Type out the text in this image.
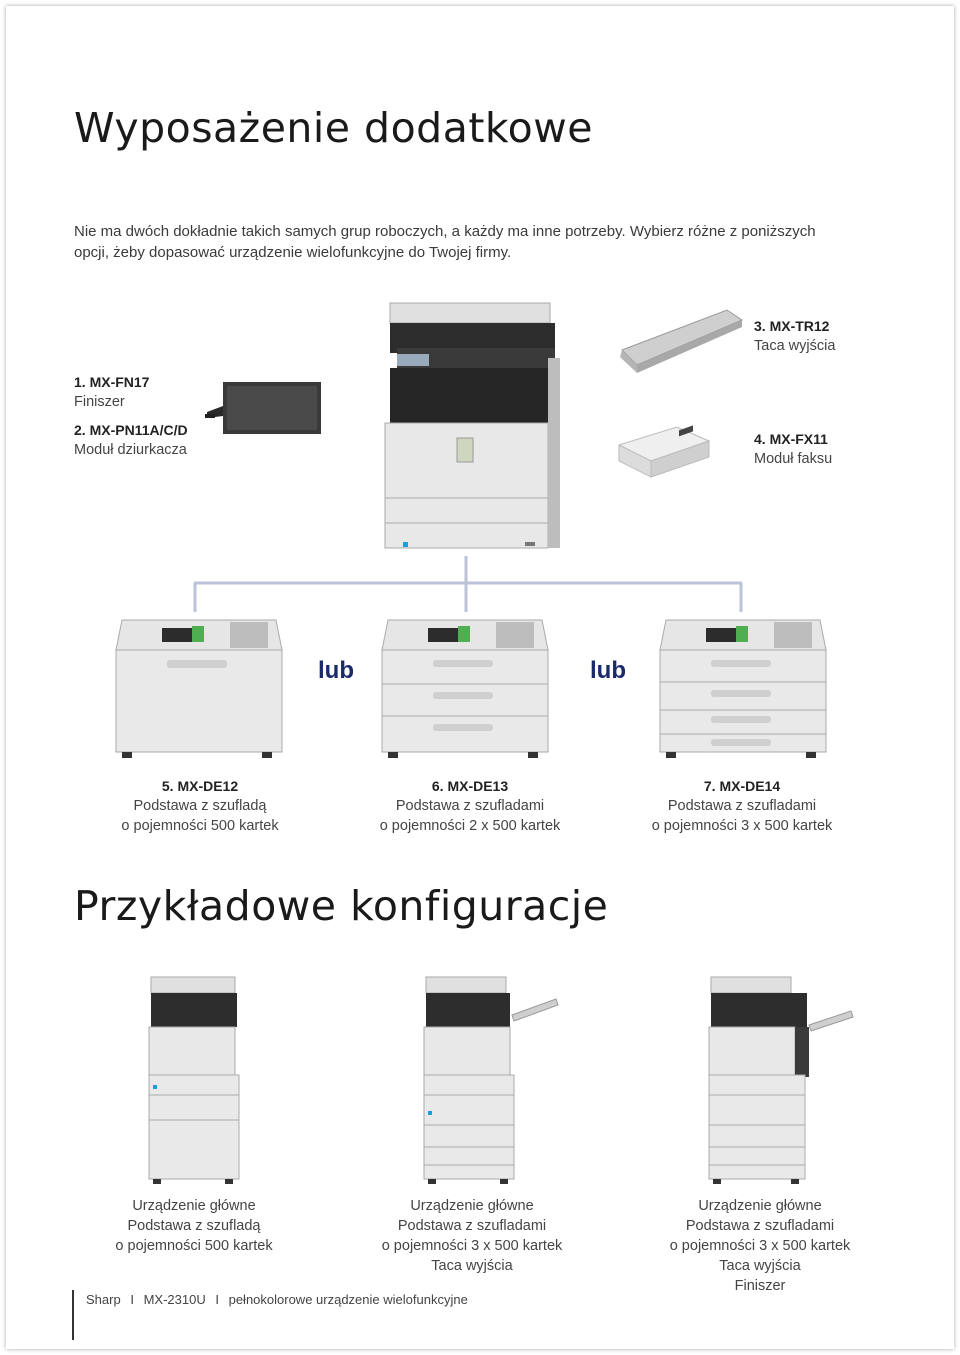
Wyposażenie dodatkowe
Nie ma dwóch dokładnie takich samych grup roboczych, a każdy ma inne potrzeby. Wybierz różne z poniższych opcji, żeby dopasować urządzenie wielofunkcyjne do Twojej firmy.
1. MX-FN17
Finiszer
2. MX-PN11A/C/D
Moduł dziurkacza
3. MX-TR12
Taca wyjścia
4. MX-FX11
Moduł faksu
lub	lub
5. MX-DE12
Podstawa z szufladą
o pojemności 500 kartek
6. MX-DE13
Podstawa z szufladami
o pojemności 2 x 500 kartek
7. MX-DE14
Podstawa z szufladami
o pojemności 3 x 500 kartek
Przykładowe konfiguracje
Urządzenie główne
Podstawa z szufladą
o pojemności 500 kartek
Urządzenie główne
Podstawa z szufladami
o pojemności 3 x 500 kartek
Taca wyjścia
Urządzenie główne
Podstawa z szufladami
o pojemności 3 x 500 kartek
Taca wyjścia
Finiszer
Sharp I MX-2310U I pełnokolorowe urządzenie wielofunkcyjne
